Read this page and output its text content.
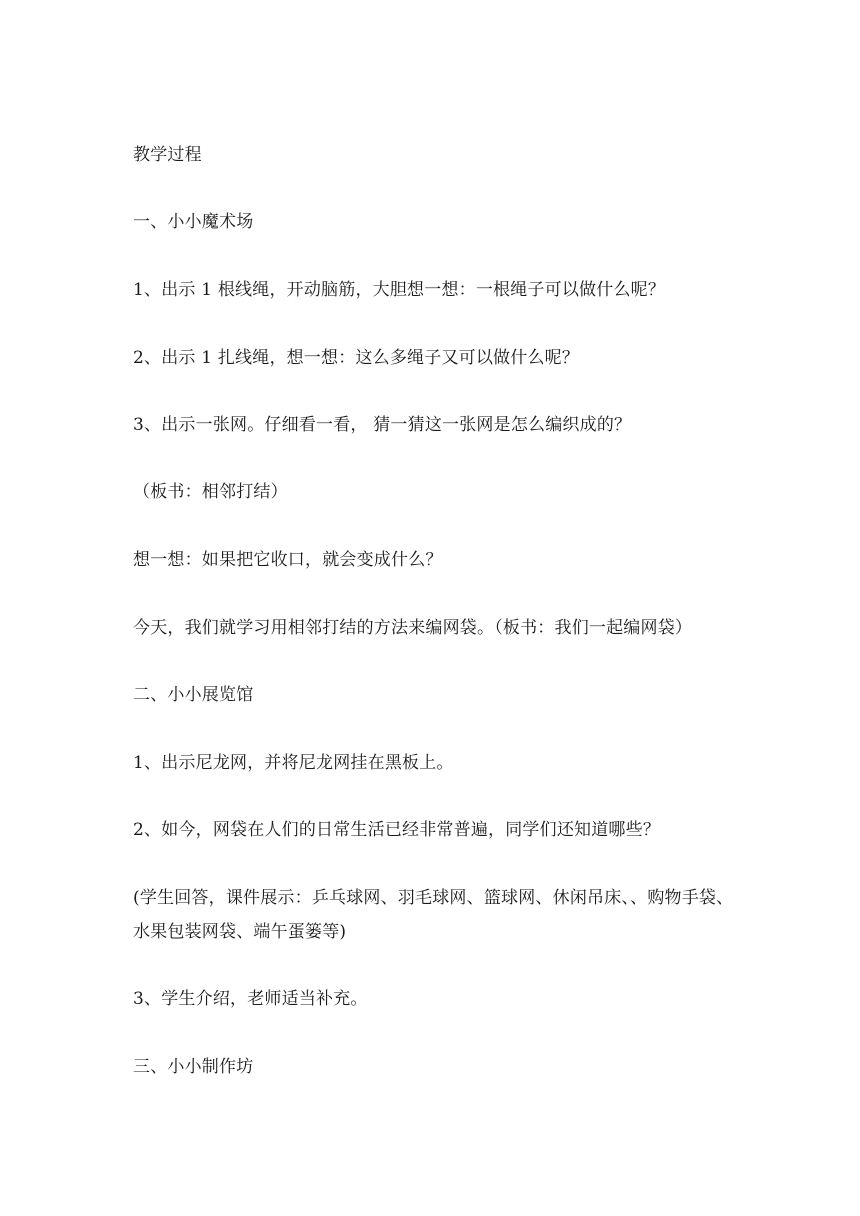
教学过程
一、小小魔术场
1、出示 1 根线绳，开动脑筋，大胆想一想：一根绳子可以做什么呢？
2、出示 1 扎线绳，想一想：这么多绳子又可以做什么呢？
3、出示一张网。仔细看一看， 猜一猜这一张网是怎么编织成的？
（板书：相邻打结）
想一想：如果把它收口，就会变成什么？
今天，我们就学习用相邻打结的方法来编网袋。（板书：我们一起编网袋）
二、小小展览馆
1、出示尼龙网，并将尼龙网挂在黑板上。
2、如今，网袋在人们的日常生活已经非常普遍，同学们还知道哪些？
(学生回答，课件展示：乒乓球网、羽毛球网、篮球网、休闲吊床、、购物手袋、
水果包装网袋、端午蛋篓等)
3、学生介绍，老师适当补充。
三、小小制作坊
